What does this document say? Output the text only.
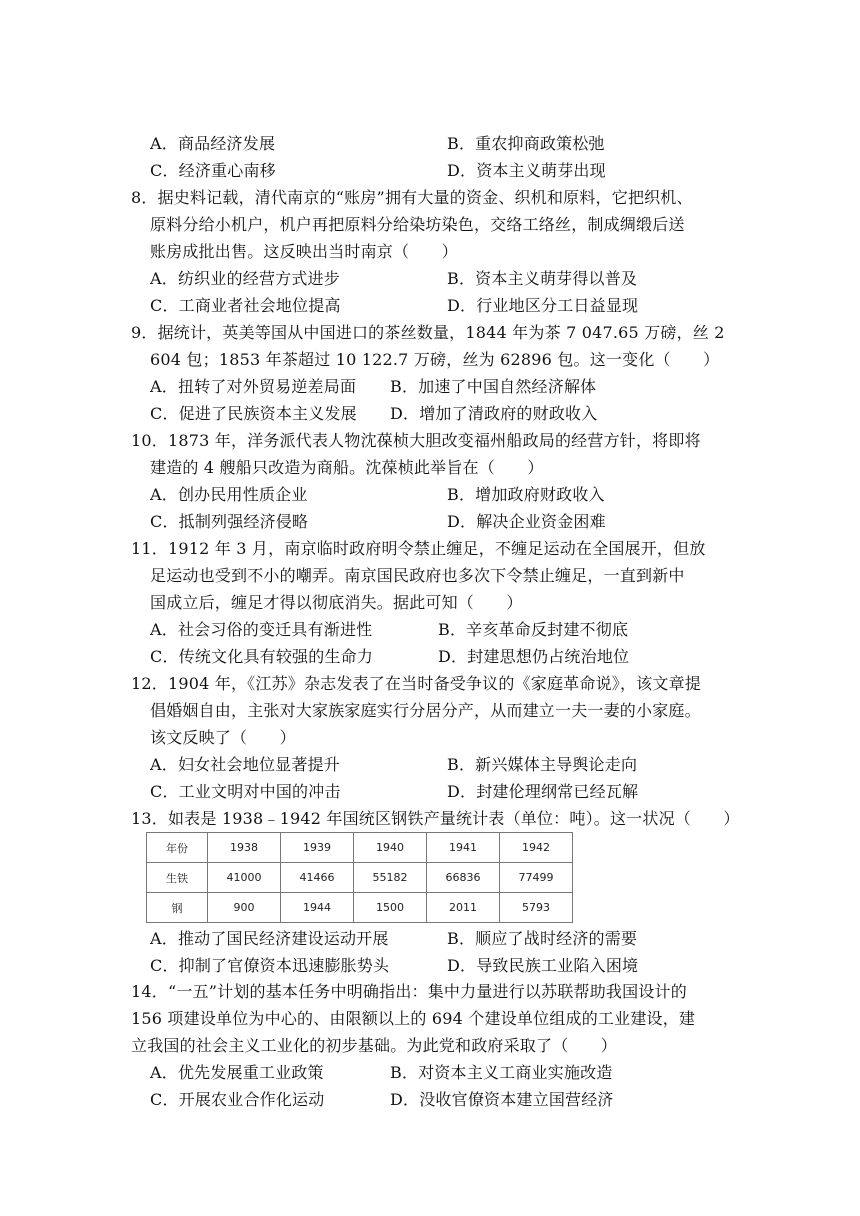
A．商品经济发展	B．重农抑商政策松弛
C．经济重心南移	D．资本主义萌芽出现
8．据史料记载，清代南京的“账房”拥有大量的资金、织机和原料，它把织机、
原料分给小机户，机户再把原料分给染坊染色，交络工络丝，制成绸缎后送
账房成批出售。这反映出当时南京（　　）
A．纺织业的经营方式进步	B．资本主义萌芽得以普及
C．工商业者社会地位提高	D．行业地区分工日益显现
9．据统计，英美等国从中国进口的茶丝数量，1844 年为茶 7 047.65 万磅，丝 2
604 包；1853 年茶超过 10 122.7 万磅，丝为 62896 包。这一变化（　　）
A．扭转了对外贸易逆差局面 B．加速了中国自然经济解体
C．促进了民族资本主义发展 D．增加了清政府的财政收入
10．1873 年，洋务派代表人物沈葆桢大胆改变福州船政局的经营方针，将即将
建造的 4 艘船只改造为商船。沈葆桢此举旨在（　　）
A．创办民用性质企业	B．增加政府财政收入
C．抵制列强经济侵略	D．解决企业资金困难
11．1912 年 3 月，南京临时政府明令禁止缠足，不缠足运动在全国展开，但放
足运动也受到不小的嘲弄。南京国民政府也多次下令禁止缠足，一直到新中
国成立后，缠足才得以彻底消失。据此可知（　　）
A．社会习俗的变迁具有渐进性	B．辛亥革命反封建不彻底
C．传统文化具有较强的生命力	D．封建思想仍占统治地位
12．1904 年，《江苏》杂志发表了在当时备受争议的《家庭革命说》，该文章提
倡婚姻自由，主张对大家族家庭实行分居分产，从而建立一夫一妻的小家庭。
该文反映了（　　）
A．妇女社会地位显著提升	B．新兴媒体主导舆论走向
C．工业文明对中国的冲击	D．封建伦理纲常已经瓦解
13．如表是 1938﹣1942 年国统区钢铁产量统计表（单位：吨）。这一状况（　　）
年份	1938	1939	1940	1941	1942
生铁	41000	41466	55182	66836	77499
钢	900	1944	1500	2011	5793
A．推动了国民经济建设运动开展	B．顺应了战时经济的需要
C．抑制了官僚资本迅速膨胀势头	D．导致民族工业陷入困境
14．“一五”计划的基本任务中明确指出：集中力量进行以苏联帮助我国设计的
156 项建设单位为中心的、由限额以上的 694 个建设单位组成的工业建设，建
立我国的社会主义工业化的初步基础。为此党和政府采取了（　　）
A．优先发展重工业政策	B．对资本主义工商业实施改造
C．开展农业合作化运动	D．没收官僚资本建立国营经济
